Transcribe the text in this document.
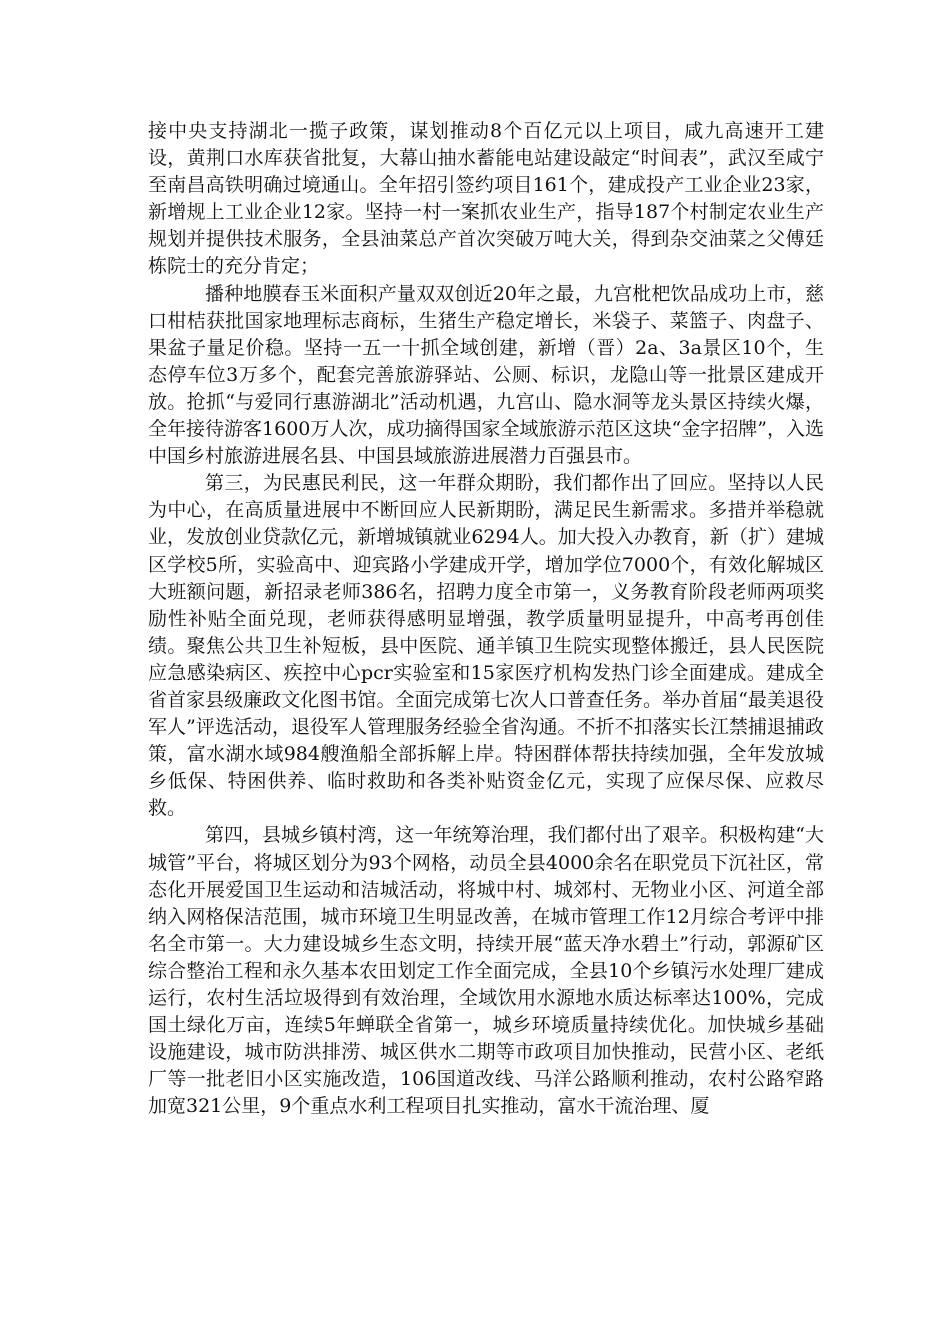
接中央支持湖北一揽子政策，谋划推动8个百亿元以上项目，咸九高速开工建设，黄荆口水库获省批复，大幕山抽水蓄能电站建设敲定“时间表”，武汉至咸宁至南昌高铁明确过境通山。全年招引签约项目161个，建成投产工业企业23家，新增规上工业企业12家。坚持一村一案抓农业生产，指导187个村制定农业生产规划并提供技术服务，全县油菜总产首次突破万吨大关，得到杂交油菜之父傅廷栋院士的充分肯定；

播种地膜春玉米面积产量双双创近20年之最，九宫枇杷饮品成功上市，慈口柑桔获批国家地理标志商标，生猪生产稳定增长，米袋子、菜篮子、肉盘子、果盆子量足价稳。坚持一五一十抓全域创建，新增（晋）2a、3a景区10个，生态停车位3万多个，配套完善旅游驿站、公厕、标识，龙隐山等一批景区建成开放。抢抓“与爱同行惠游湖北”活动机遇，九宫山、隐水洞等龙头景区持续火爆，全年接待游客1600万人次，成功摘得国家全域旅游示范区这块“金字招牌”，入选中国乡村旅游进展名县、中国县域旅游进展潜力百强县市。

第三，为民惠民利民，这一年群众期盼，我们都作出了回应。坚持以人民为中心，在高质量进展中不断回应人民新期盼，满足民生新需求。多措并举稳就业，发放创业贷款亿元，新增城镇就业6294人。加大投入办教育，新（扩）建城区学校5所，实验高中、迎宾路小学建成开学，增加学位7000个，有效化解城区大班额问题，新招录老师386名，招聘力度全市第一，义务教育阶段老师两项奖励性补贴全面兑现，老师获得感明显增强，教学质量明显提升，中高考再创佳绩。聚焦公共卫生补短板，县中医院、通羊镇卫生院实现整体搬迁，县人民医院应急感染病区、疾控中心pcr实验室和15家医疗机构发热门诊全面建成。建成全省首家县级廉政文化图书馆。全面完成第七次人口普查任务。举办首届“最美退役军人”评选活动，退役军人管理服务经验全省沟通。不折不扣落实长江禁捕退捕政策，富水湖水域984艘渔船全部拆解上岸。特困群体帮扶持续加强，全年发放城乡低保、特困供养、临时救助和各类补贴资金亿元，实现了应保尽保、应救尽救。

第四，县城乡镇村湾，这一年统筹治理，我们都付出了艰辛。积极构建“大城管”平台，将城区划分为93个网格，动员全县4000余名在职党员下沉社区，常态化开展爱国卫生运动和洁城活动，将城中村、城郊村、无物业小区、河道全部纳入网格保洁范围，城市环境卫生明显改善，在城市管理工作12月综合考评中排名全市第一。大力建设城乡生态文明，持续开展“蓝天净水碧土”行动，郭源矿区综合整治工程和永久基本农田划定工作全面完成，全县10个乡镇污水处理厂建成运行，农村生活垃圾得到有效治理，全域饮用水源地水质达标率达100%，完成国土绿化万亩，连续5年蝉联全省第一，城乡环境质量持续优化。加快城乡基础设施建设，城市防洪排涝、城区供水二期等市政项目加快推动，民营小区、老纸厂等一批老旧小区实施改造，106国道改线、马洋公路顺利推动，农村公路窄路加宽321公里，9个重点水利工程项目扎实推动，富水干流治理、厦
